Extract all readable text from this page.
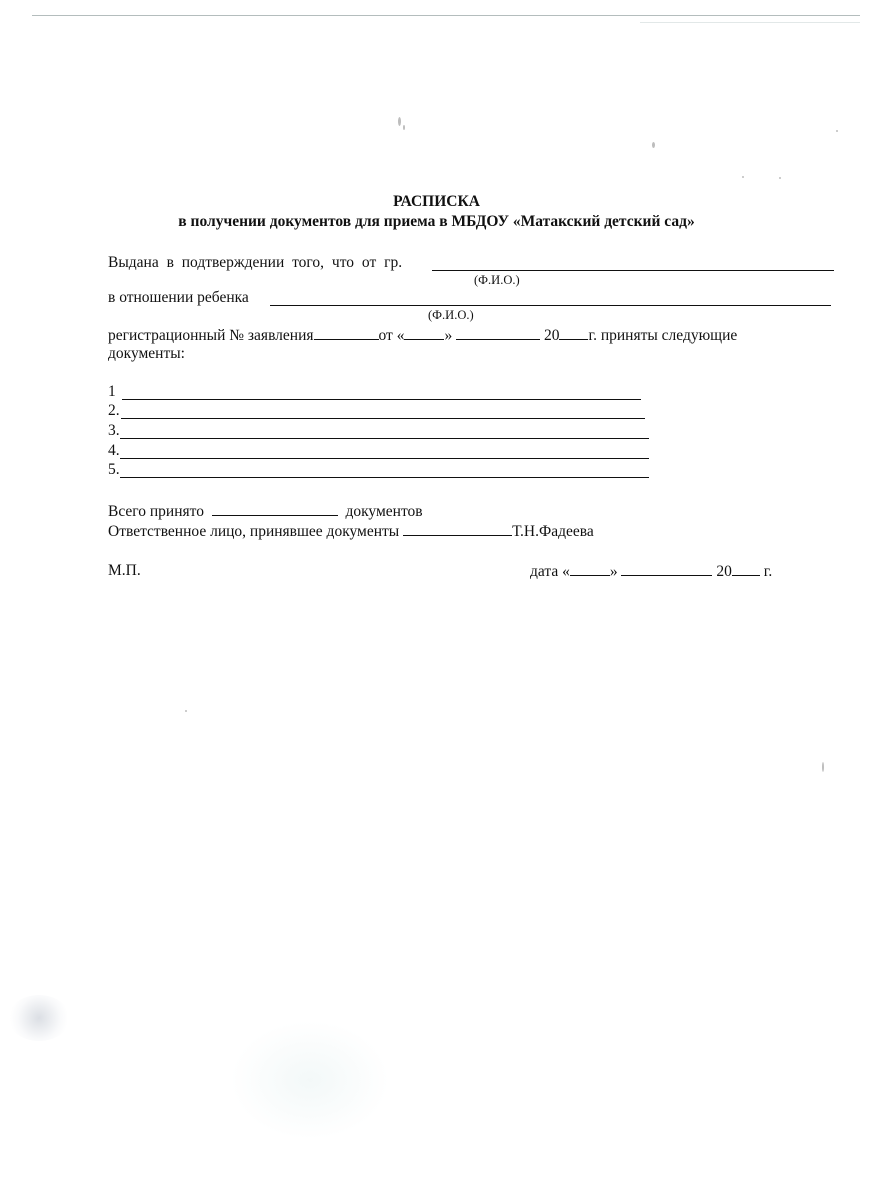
РАСПИСКА
в получении документов для приема в МБДОУ «Матакский детский сад»
Выдана в подтверждении того, что от гр.
(Ф.И.О.)
в отношении ребенка
(Ф.И.О.)
регистрационный № заявления	от «	»	20 г. приняты следующие
документы:
1
2.
3.
4.
5.
Всего принято	документов
Ответственное лицо, принявшее документы	Т.Н.Фадеева
М.П.	дата «	»	20 г.
